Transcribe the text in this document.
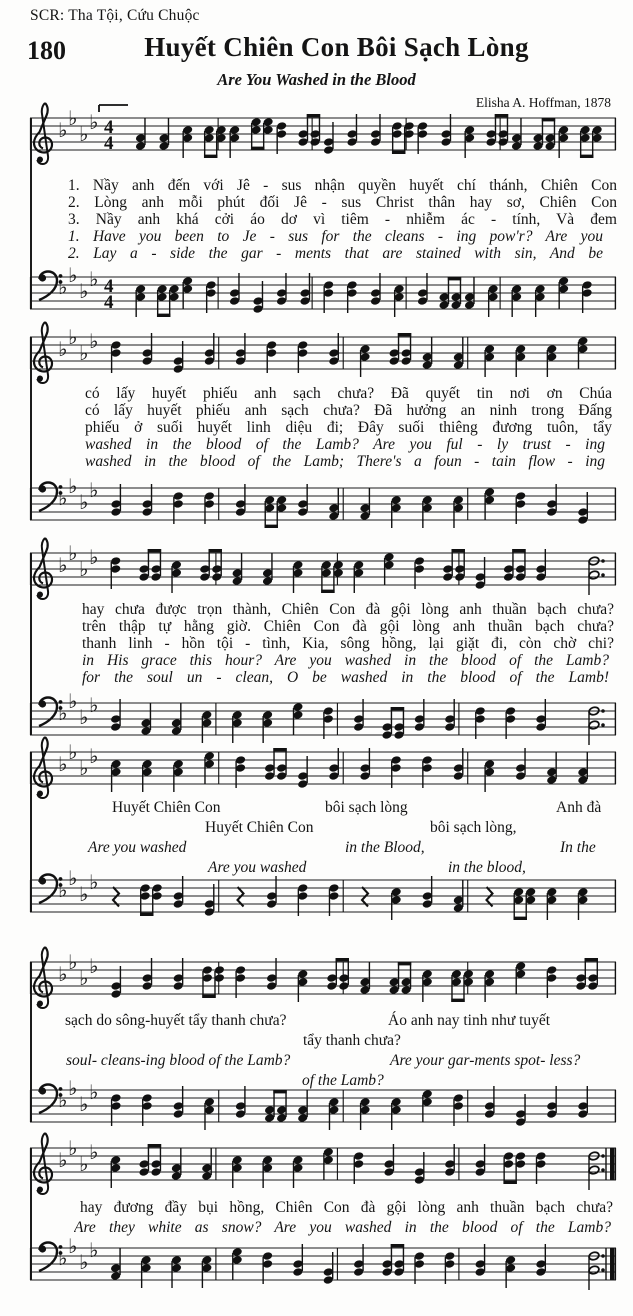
SCR: Tha Tội, Cứu Chuộc
180	Huyết Chiên Con Bôi Sạch Lòng
Are You Washed in the Blood
Elisha A. Hoffman, 1878
♭ ♭
♭ ♭ 4
4
♭ ♭
♭ ♭ 4
4
1. Nầy anh đến với Jê - sus nhận quyền huyết chí thánh, Chiên Con
2. Lòng anh mỗi phút đối Jê - sus Christ thân hay sơ, Chiên Con
3. Nầy anh khá cởi áo dơ vì tiêm - nhiễm ác - tính, Và đem
1. Have you been to Je - sus for the cleans - ing pow'r? Are you
2. Lay a - side the gar - ments that are stained with sin, And be
♭ ♭
♭ ♭
♭ ♭
♭ ♭
có lấy huyết phiếu anh sạch chưa? Đã quyết tin nơi ơn Chúa
có lấy huyết phiếu anh sạch chưa? Đã hưởng an ninh trong Đấng
phiếu ở suối huyết linh diệu đi; Đây suối thiêng đương tuôn, tẩy
washed in the blood of the Lamb? Are you ful - ly trust - ing
washed in the blood of the Lamb; There's a foun - tain flow - ing
♭ ♭
♭ ♭
♭ ♭
♭ ♭
hay chưa được trọn thành, Chiên Con đà gội lòng anh thuần bạch chưa?
trên thập tự hằng giờ. Chiên Con đà gội lòng anh thuần bạch chưa?
thanh linh - hồn tội - tình, Kia, sông hồng, lại giặt đi, còn chờ chi?
in His grace this hour? Are you washed in the blood of the Lamb?
for the soul un - clean, O be washed in the blood of the Lamb!
♭ ♭
♭ ♭
♭ ♭
♭ ♭
Huyết Chiên Con	bôi sạch lòng	Anh đà
Huyết Chiên Con	bôi sạch lòng,
Are you washed	in the Blood,	In the
Are you washed	in the blood,
♭ ♭
♭ ♭
♭ ♭
♭ ♭
sạch do sông-huyết tẩy thanh chưa?	Áo anh nay tinh như tuyết
tẩy thanh chưa?
soul- cleans-ing blood of the Lamb?	Are your gar-ments spot- less?
of the Lamb?
♭ ♭
♭ ♭
♭ ♭
♭ ♭
hay đương đầy bụi hồng, Chiên Con đà gội lòng anh thuần bạch chưa?
Are they white as snow? Are you washed in the blood of the Lamb?
